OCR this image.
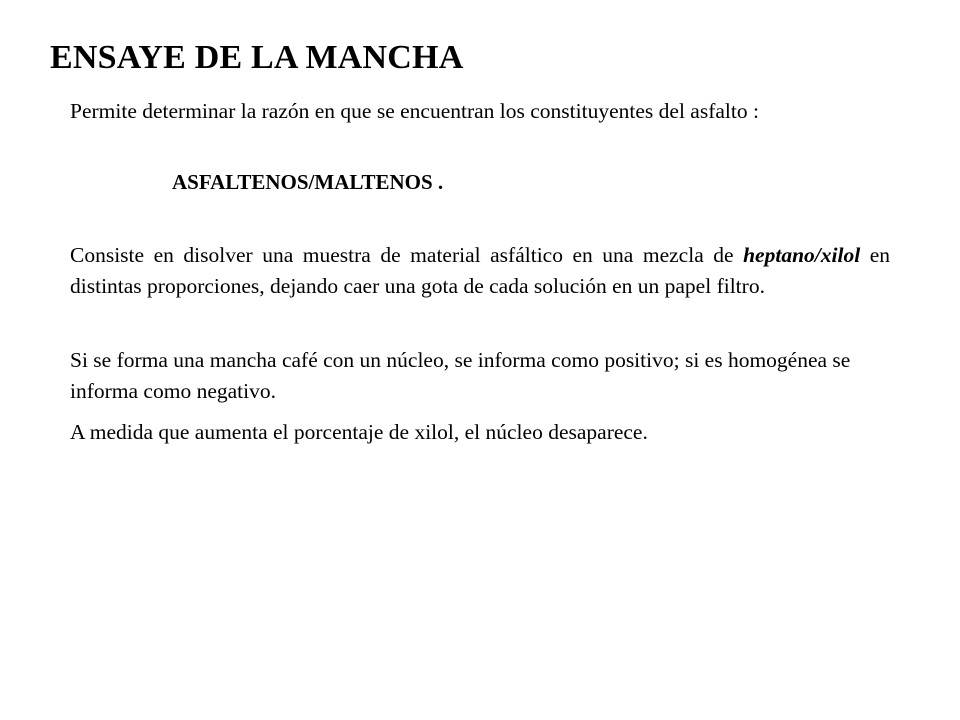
ENSAYE DE LA MANCHA

Permite determinar la razón en que se encuentran los constituyentes del asfalto :

ASFALTENOS/MALTENOS .

Consiste en disolver una muestra de material asfáltico en una mezcla de heptano/xilol en distintas proporciones, dejando caer una gota de cada solución en un papel filtro.

Si se forma una mancha café con un núcleo, se informa como positivo; si es homogénea se informa como negativo.

A medida que aumenta el porcentaje de xilol, el núcleo desaparece.
